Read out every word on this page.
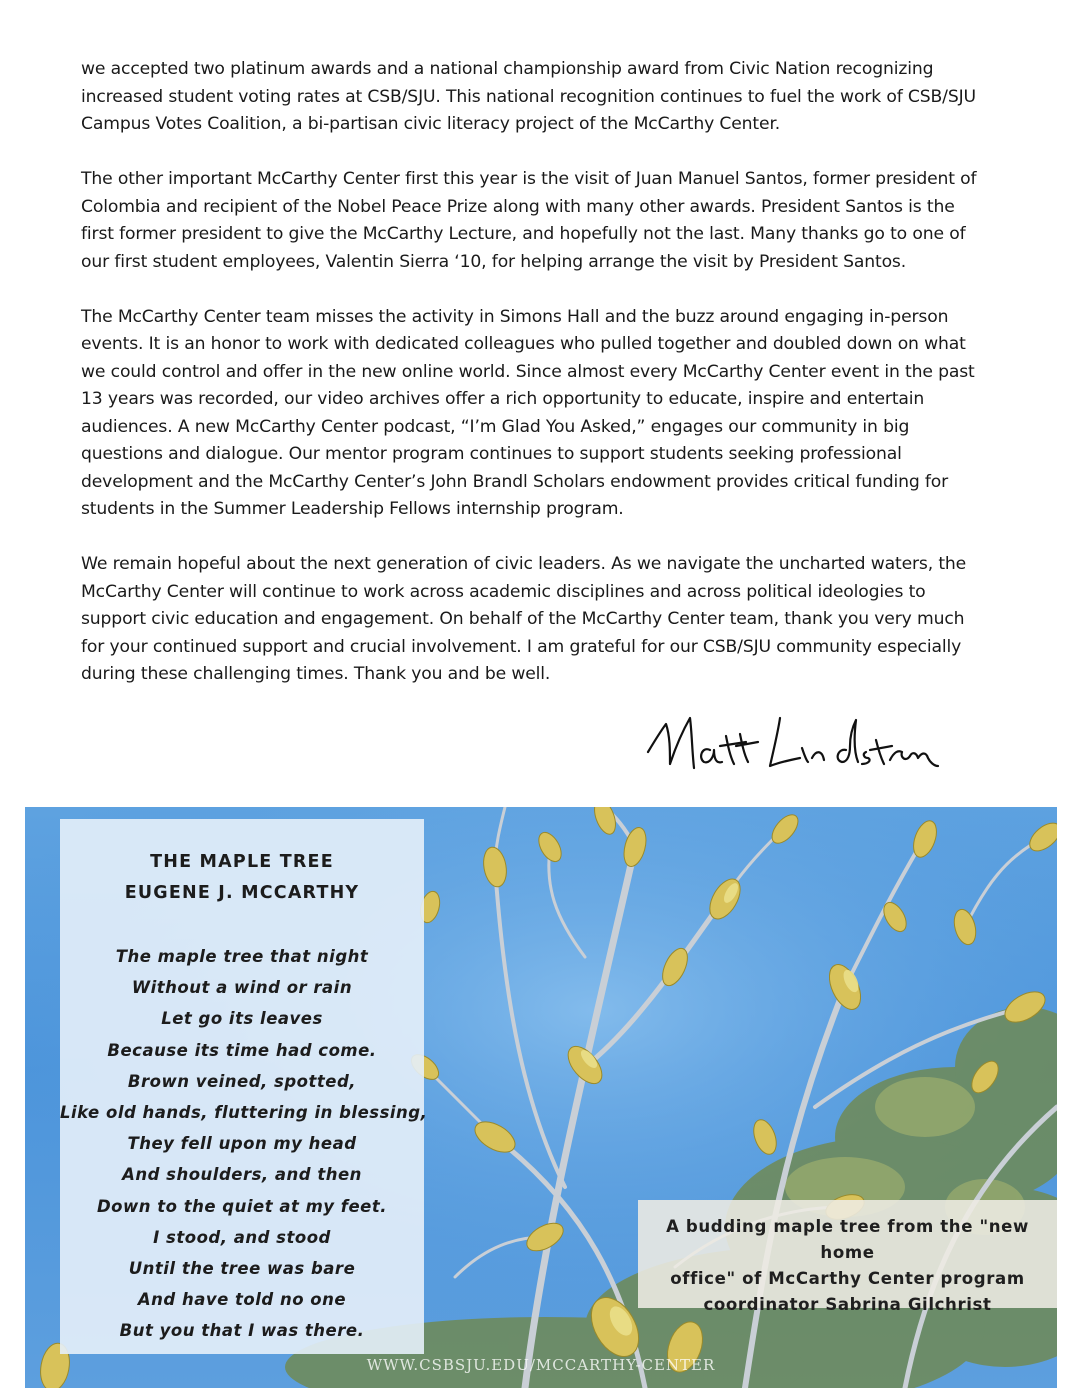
we accepted two platinum awards and a national championship award from Civic Nation recognizing increased student voting rates at CSB/SJU. This national recognition continues to fuel the work of CSB/SJU Campus Votes Coalition, a bi-partisan civic literacy project of the McCarthy Center.

The other important McCarthy Center first this year is the visit of Juan Manuel Santos, former president of Colombia and recipient of the Nobel Peace Prize along with many other awards. President Santos is the first former president to give the McCarthy Lecture, and hopefully not the last. Many thanks go to one of our first student employees, Valentin Sierra ‘10, for helping arrange the visit by President Santos.

The McCarthy Center team misses the activity in Simons Hall and the buzz around engaging in-person events. It is an honor to work with dedicated colleagues who pulled together and doubled down on what we could control and offer in the new online world. Since almost every McCarthy Center event in the past 13 years was recorded, our video archives offer a rich opportunity to educate, inspire and entertain audiences. A new McCarthy Center podcast, “I’m Glad You Asked,” engages our community in big questions and dialogue. Our mentor program continues to support students seeking professional development and the McCarthy Center’s John Brandl Scholars endowment provides critical funding for students in the Summer Leadership Fellows internship program.

We remain hopeful about the next generation of civic leaders. As we navigate the uncharted waters, the McCarthy Center will continue to work across academic disciplines and across political ideologies to support civic education and engagement. On behalf of the McCarthy Center team, thank you very much for your continued support and crucial involvement. I am grateful for our CSB/SJU community especially during these challenging times. Thank you and be well.

THE MAPLE TREE
EUGENE J. MCCARTHY
The maple tree that night
Without a wind or rain
Let go its leaves
Because its time had come.
Brown veined, spotted,
Like old hands, fluttering in blessing,
They fell upon my head
And shoulders, and then
Down to the quiet at my feet.
I stood, and stood
Until the tree was bare
And have told no one
But you that I was there.
A budding maple tree from the "new home
office" of McCarthy Center program
coordinator Sabrina Gilchrist
WWW.CSBSJU.EDU/MCCARTHY-CENTER
